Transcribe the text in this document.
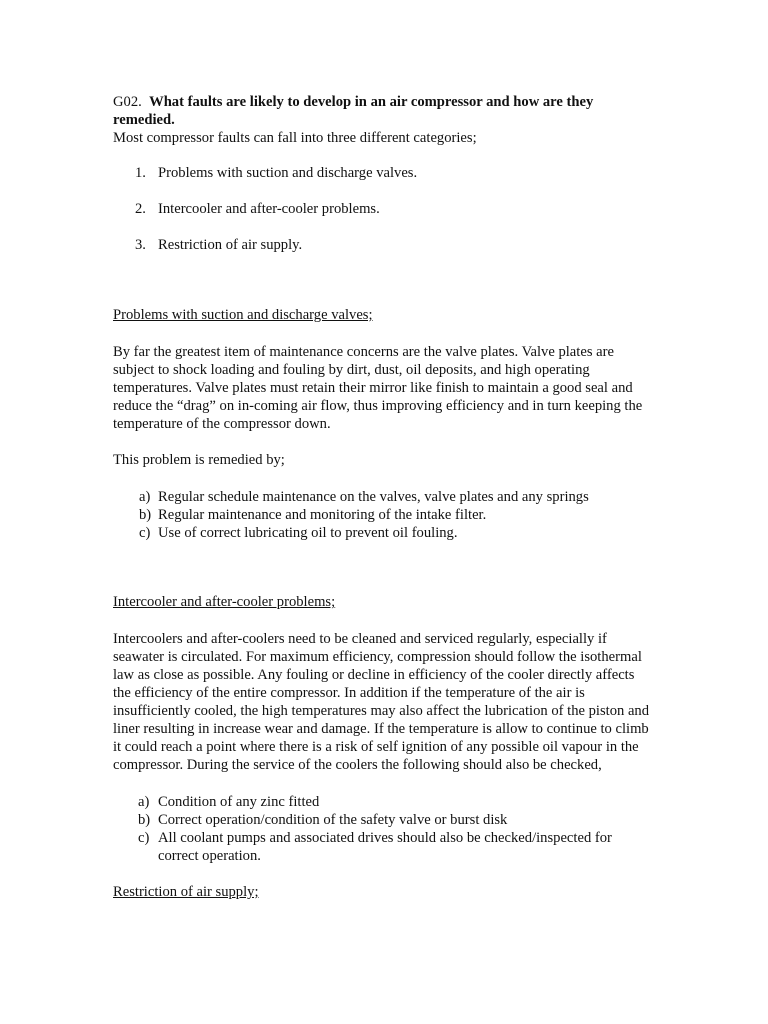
G02. What faults are likely to develop in an air compressor and how are they remedied.

Most compressor faults can fall into three different categories;

1. Problems with suction and discharge valves.
2. Intercooler and after-cooler problems.
3. Restriction of air supply.

Problems with suction and discharge valves;

By far the greatest item of maintenance concerns are the valve plates. Valve plates are subject to shock loading and fouling by dirt, dust, oil deposits, and high operating temperatures. Valve plates must retain their mirror like finish to maintain a good seal and reduce the “drag” on in-coming air flow, thus improving efficiency and in turn keeping the temperature of the compressor down.

This problem is remedied by;

a) Regular schedule maintenance on the valves, valve plates and any springs
b) Regular maintenance and monitoring of the intake filter.
c) Use of correct lubricating oil to prevent oil fouling.

Intercooler and after-cooler problems;

Intercoolers and after-coolers need to be cleaned and serviced regularly, especially if seawater is circulated. For maximum efficiency, compression should follow the isothermal law as close as possible. Any fouling or decline in efficiency of the cooler directly affects the efficiency of the entire compressor. In addition if the temperature of the air is insufficiently cooled, the high temperatures may also affect the lubrication of the piston and liner resulting in increase wear and damage. If the temperature is allow to continue to climb it could reach a point where there is a risk of self ignition of any possible oil vapour in the compressor. During the service of the coolers the following should also be checked,

a) Condition of any zinc fitted
b) Correct operation/condition of the safety valve or burst disk
c) All coolant pumps and associated drives should also be checked/inspected for correct operation.

Restriction of air supply;
